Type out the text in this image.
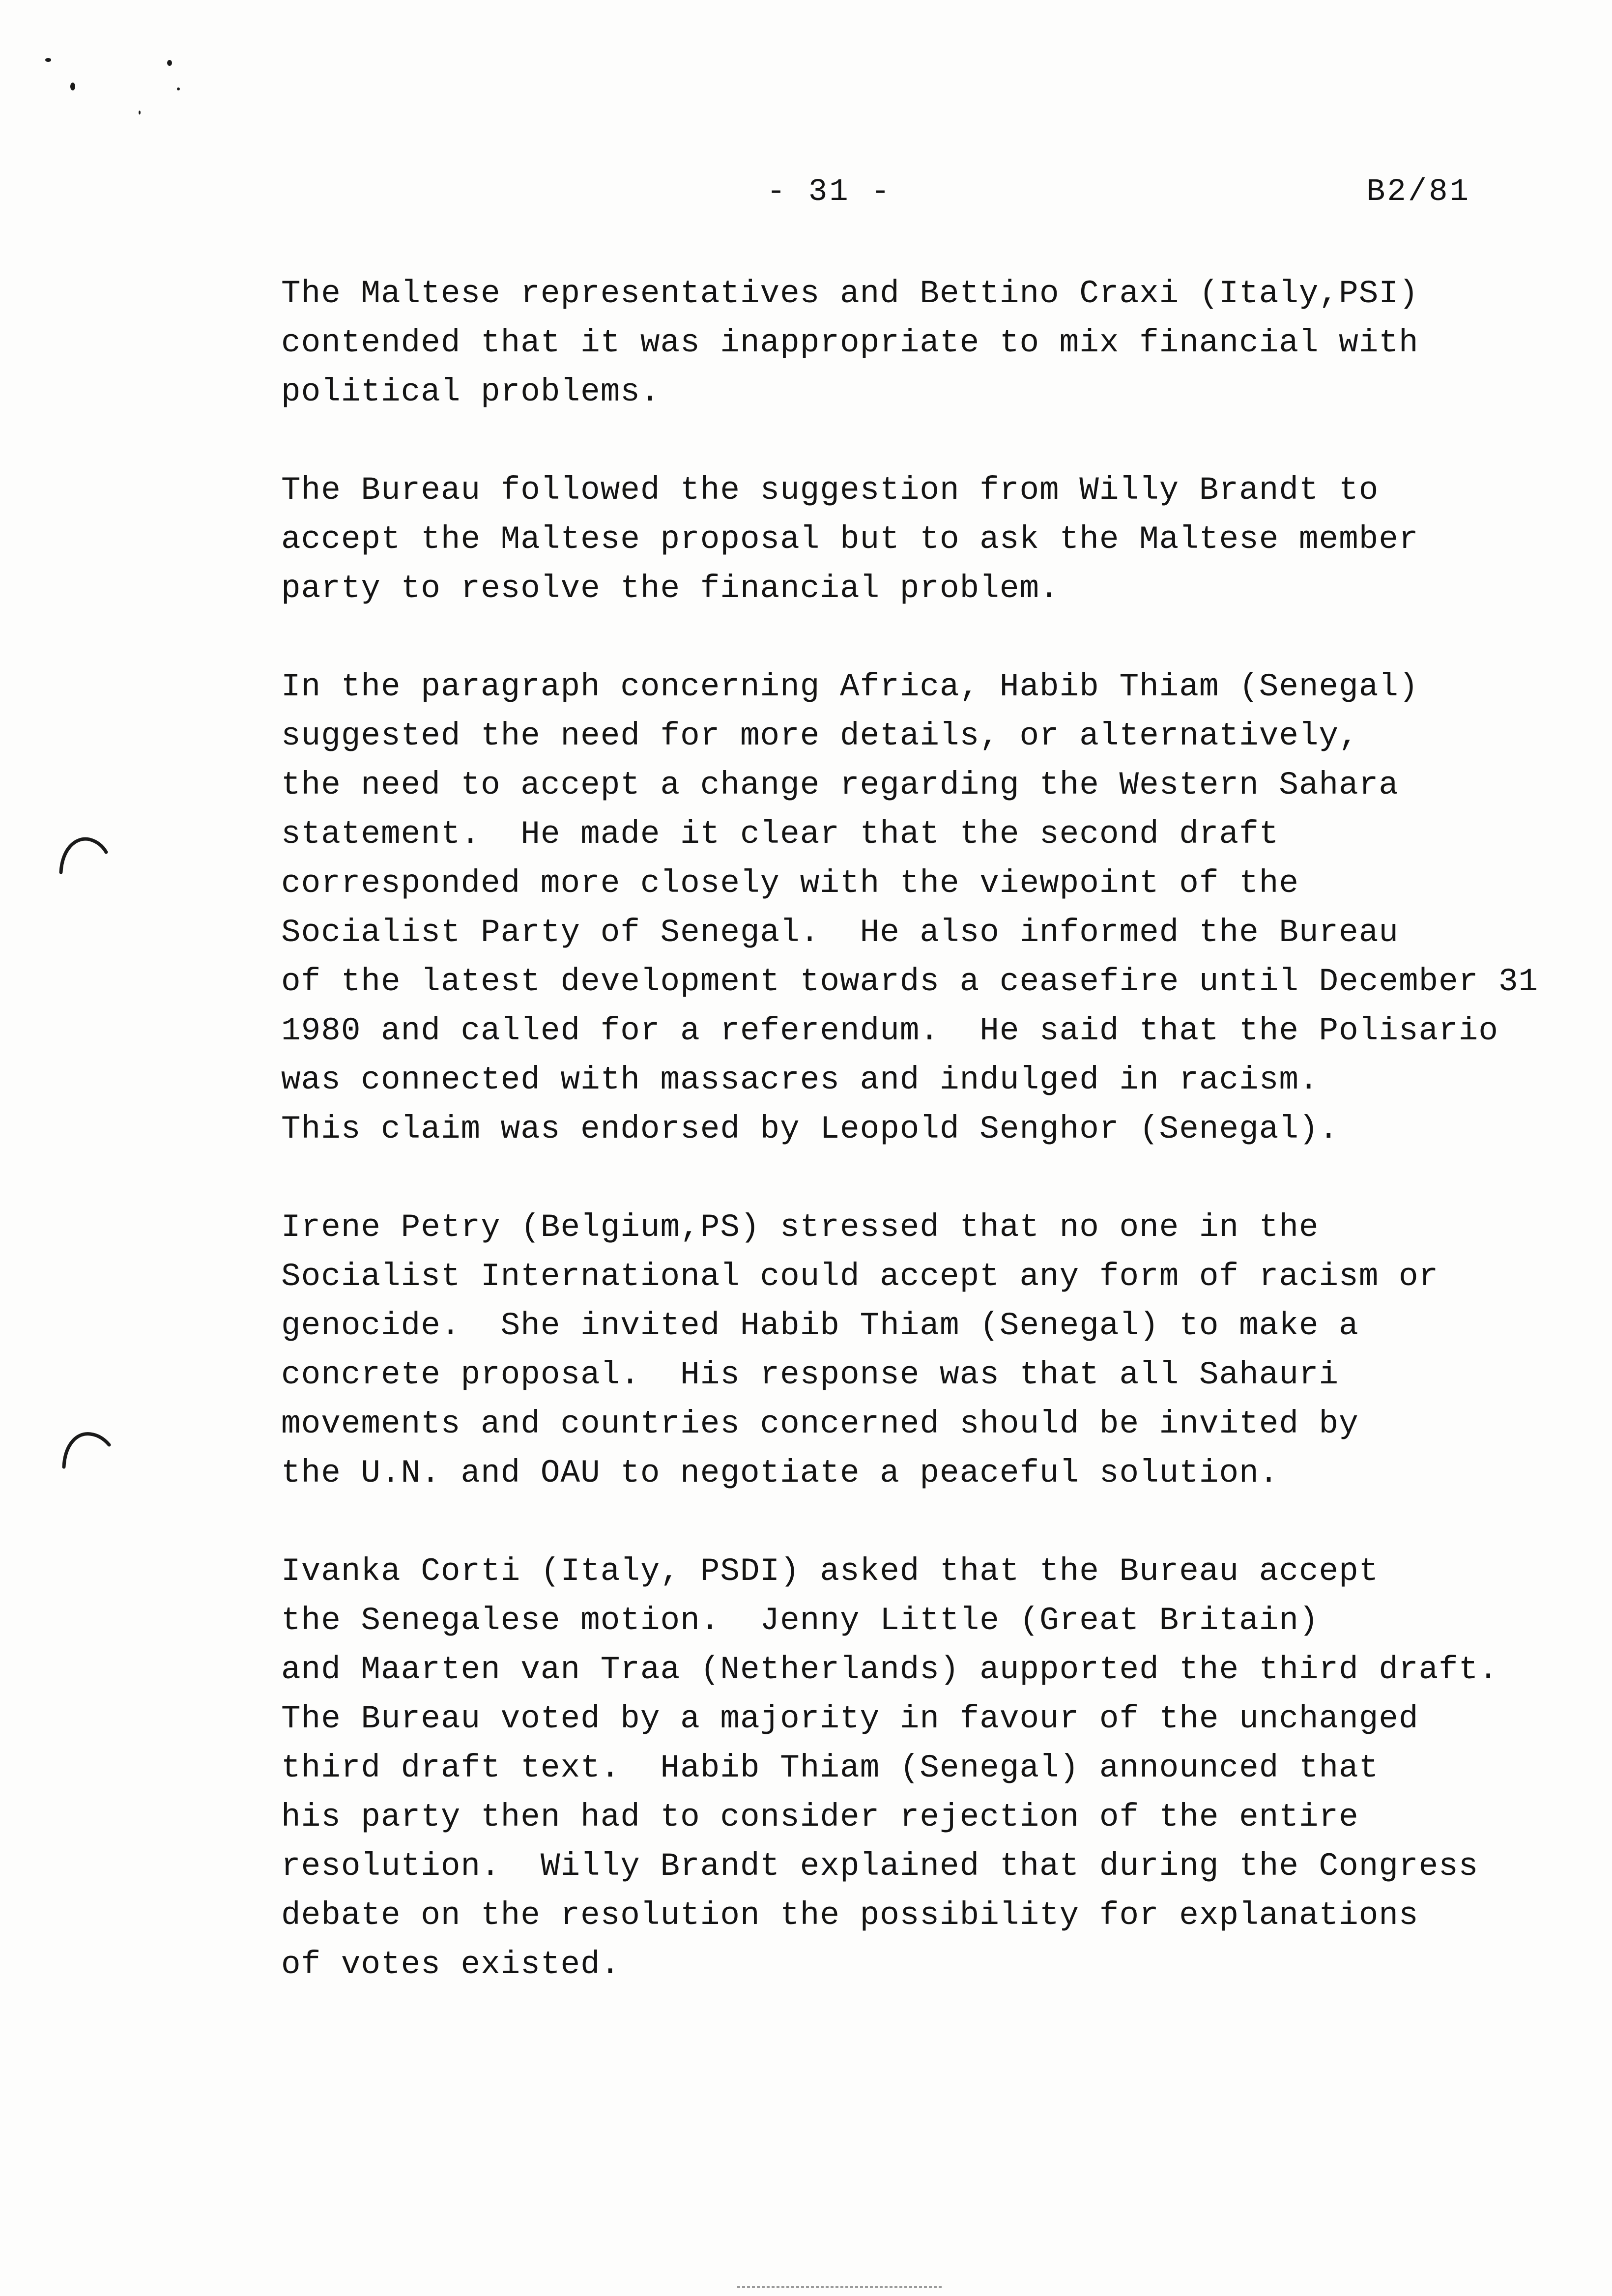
- 31 -	B2/81
The Maltese representatives and Bettino Craxi (Italy,PSI)
contended that it was inappropriate to mix financial with
political problems.
The Bureau followed the suggestion from Willy Brandt to
accept the Maltese proposal but to ask the Maltese member
party to resolve the financial problem.
In the paragraph concerning Africa, Habib Thiam (Senegal)
suggested the need for more details, or alternatively,
the need to accept a change regarding the Western Sahara
statement.  He made it clear that the second draft
corresponded more closely with the viewpoint of the
Socialist Party of Senegal.  He also informed the Bureau
of the latest development towards a ceasefire until December 31
1980 and called for a referendum.  He said that the Polisario
was connected with massacres and indulged in racism.
This claim was endorsed by Leopold Senghor (Senegal).
Irene Petry (Belgium,PS) stressed that no one in the
Socialist International could accept any form of racism or
genocide.  She invited Habib Thiam (Senegal) to make a
concrete proposal.  His response was that all Sahauri
movements and countries concerned should be invited by
the U.N. and OAU to negotiate a peaceful solution.
Ivanka Corti (Italy, PSDI) asked that the Bureau accept
the Senegalese motion.  Jenny Little (Great Britain)
and Maarten van Traa (Netherlands) aupported the third draft.
The Bureau voted by a majority in favour of the unchanged
third draft text.  Habib Thiam (Senegal) announced that
his party then had to consider rejection of the entire
resolution.  Willy Brandt explained that during the Congress
debate on the resolution the possibility for explanations
of votes existed.
